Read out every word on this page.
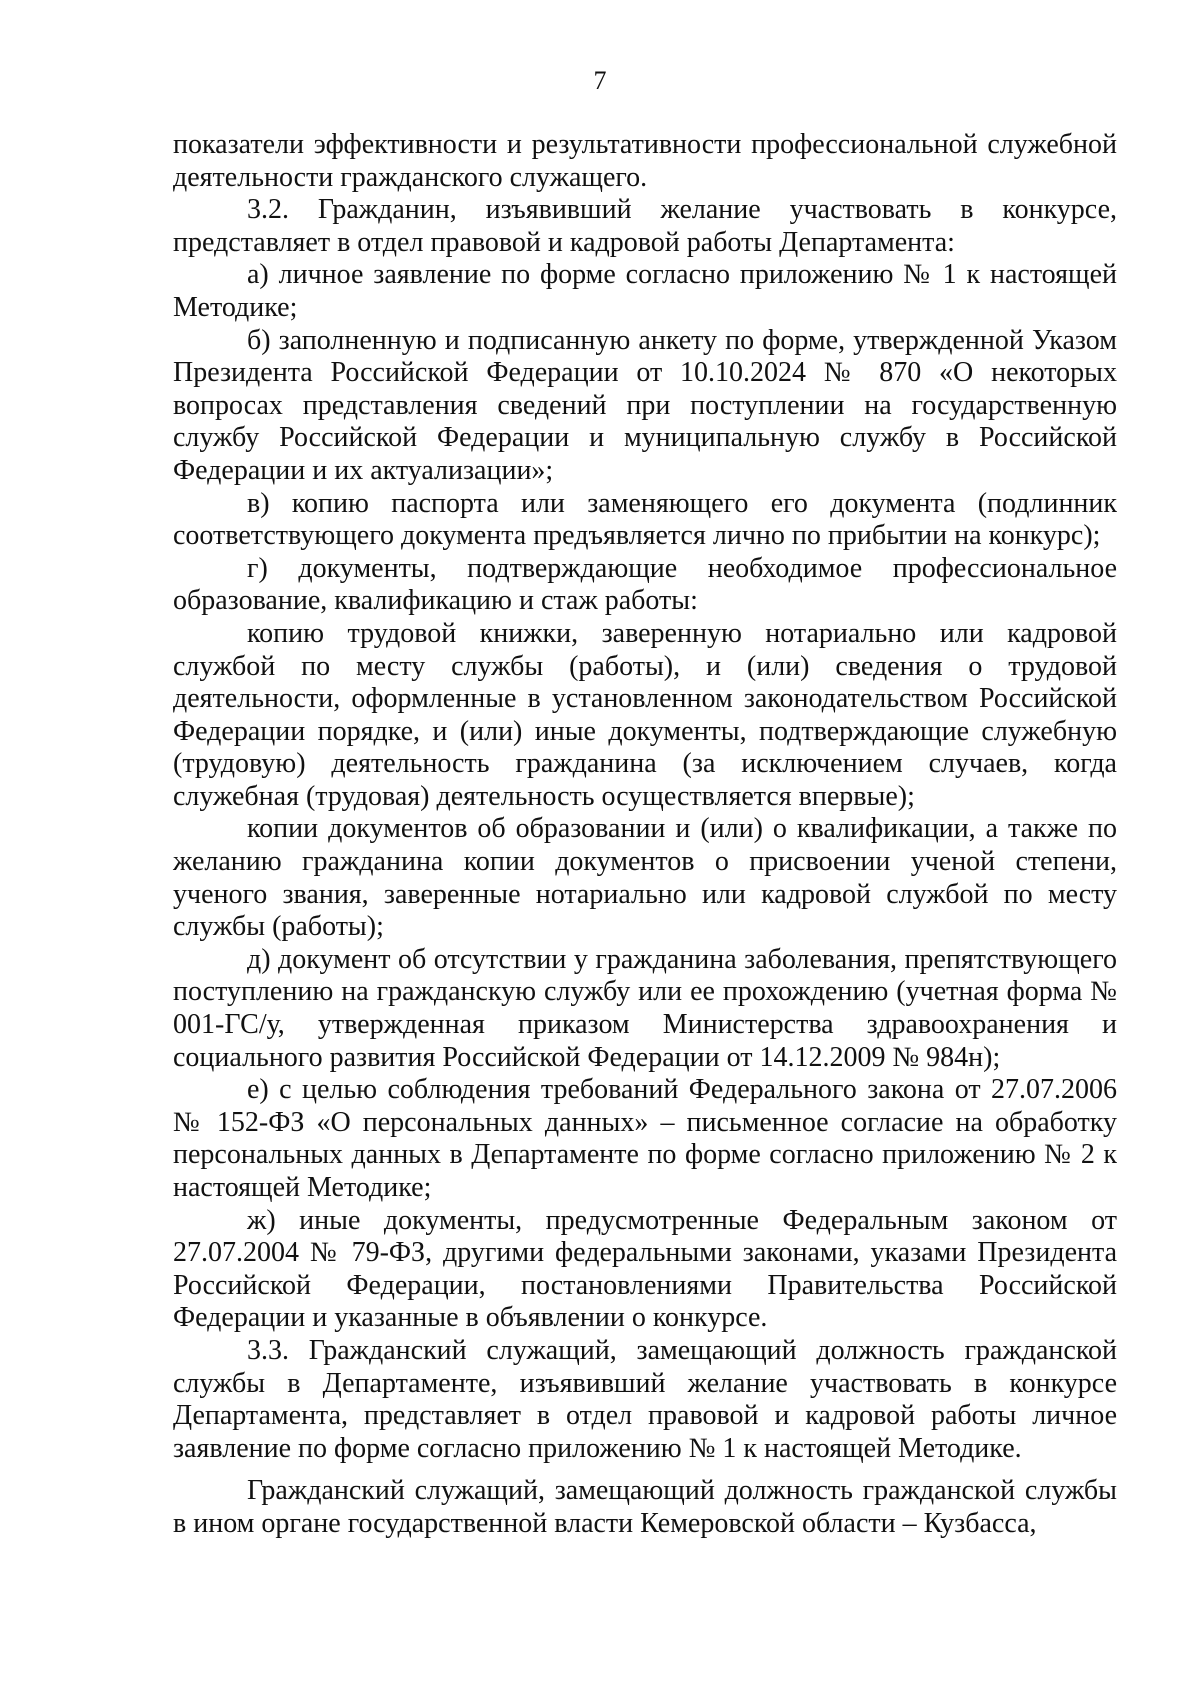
7

показатели эффективности и результативности профессиональной служебной деятельности гражданского служащего.

3.2. Гражданин, изъявивший желание участвовать в конкурсе, представляет в отдел правовой и кадровой работы Департамента:

а) личное заявление по форме согласно приложению № 1 к настоящей Методике;

б) заполненную и подписанную анкету по форме, утвержденной Указом Президента Российской Федерации от 10.10.2024 № 870 «О некоторых вопросах представления сведений при поступлении на государственную службу Российской Федерации и муниципальную службу в Российской Федерации и их актуализации»;

в) копию паспорта или заменяющего его документа (подлинник соответствующего документа предъявляется лично по прибытии на конкурс);

г) документы, подтверждающие необходимое профессиональное образование, квалификацию и стаж работы:

копию трудовой книжки, заверенную нотариально или кадровой службой по месту службы (работы), и (или) сведения о трудовой деятельности, оформленные в установленном законодательством Российской Федерации порядке, и (или) иные документы, подтверждающие служебную (трудовую) деятельность гражданина (за исключением случаев, когда служебная (трудовая) деятельность осуществляется впервые);

копии документов об образовании и (или) о квалификации, а также по желанию гражданина копии документов о присвоении ученой степени, ученого звания, заверенные нотариально или кадровой службой по месту службы (работы);

д) документ об отсутствии у гражданина заболевания, препятствующего поступлению на гражданскую службу или ее прохождению (учетная форма № 001-ГС/у, утвержденная приказом Министерства здравоохранения и социального развития Российской Федерации от 14.12.2009 № 984н);

е) с целью соблюдения требований Федерального закона от 27.07.2006 № 152-ФЗ «О персональных данных» – письменное согласие на обработку персональных данных в Департаменте по форме согласно приложению № 2 к настоящей Методике;

ж) иные документы, предусмотренные Федеральным законом от 27.07.2004 № 79-ФЗ, другими федеральными законами, указами Президента Российской Федерации, постановлениями Правительства Российской Федерации и указанные в объявлении о конкурсе.

3.3. Гражданский служащий, замещающий должность гражданской службы в Департаменте, изъявивший желание участвовать в конкурсе Департамента, представляет в отдел правовой и кадровой работы личное заявление по форме согласно приложению № 1 к настоящей Методике.

Гражданский служащий, замещающий должность гражданской службы в ином органе государственной власти Кемеровской области – Кузбасса,
